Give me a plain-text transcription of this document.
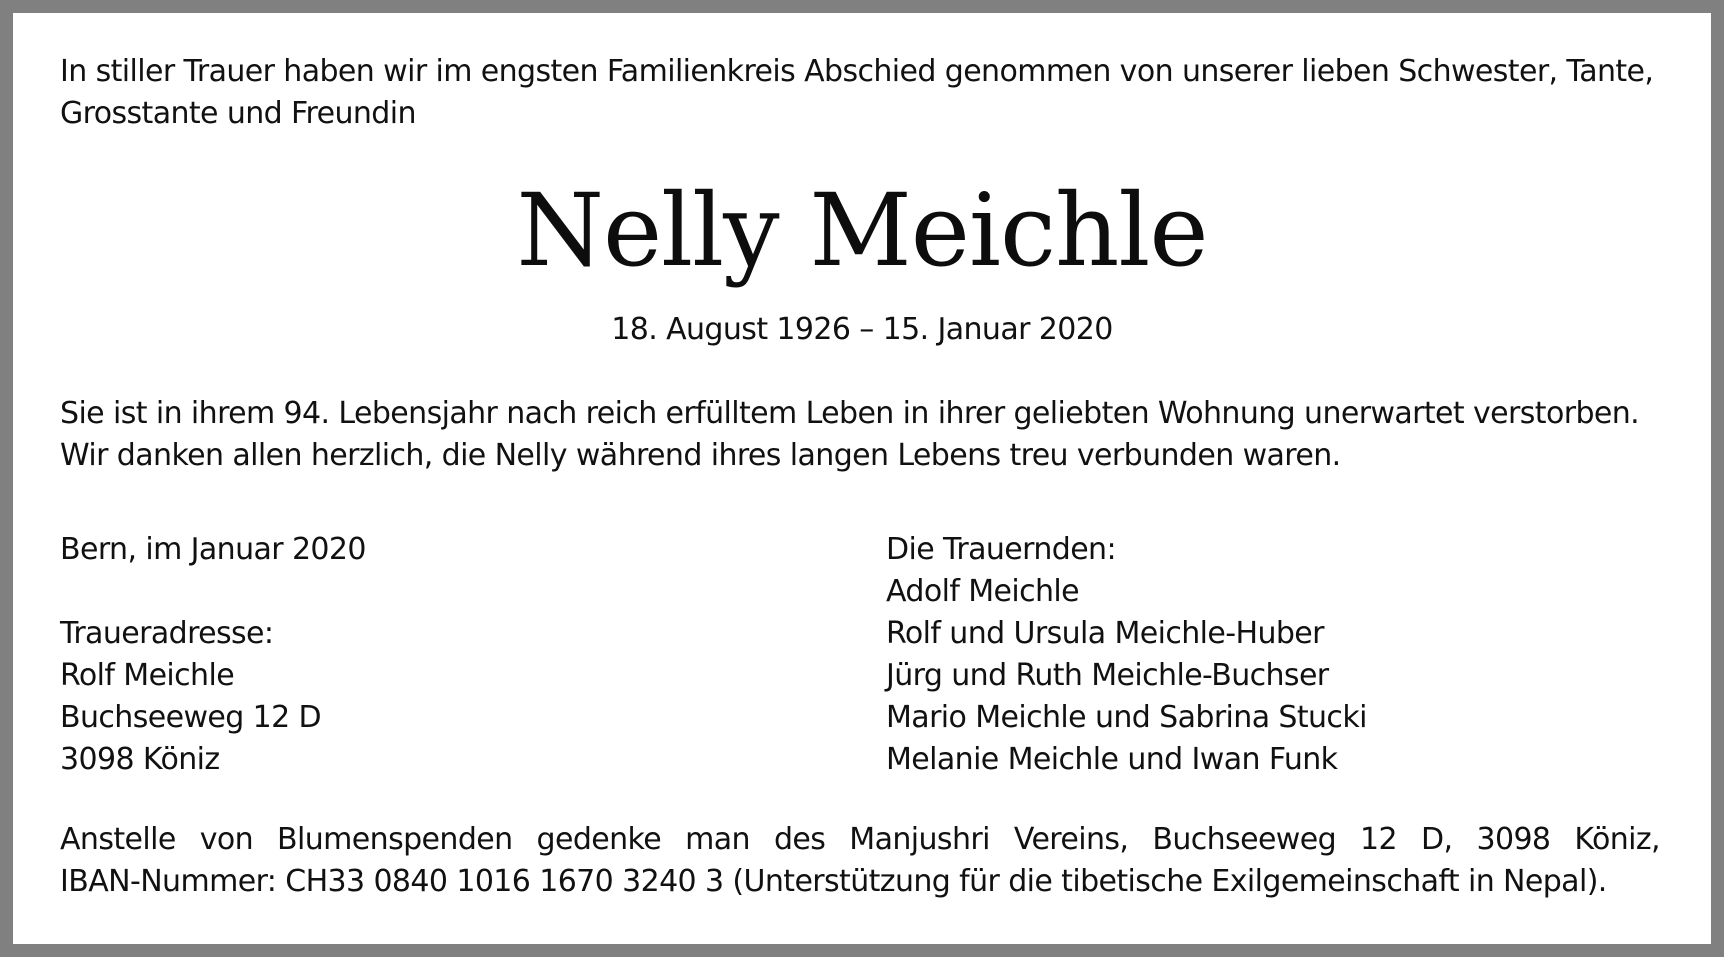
In stiller Trauer haben wir im engsten Familienkreis Abschied genommen von unserer lieben Schwester, Tante,
Grosstante und Freundin
Nelly Meichle
18. August 1926 – 15. Januar 2020
Sie ist in ihrem 94. Lebensjahr nach reich erfülltem Leben in ihrer geliebten Wohnung unerwartet verstorben.
Wir danken allen herzlich, die Nelly während ihres langen Lebens treu verbunden waren.
Bern, im Januar 2020
Traueradresse:
Rolf Meichle
Buchseeweg 12 D
3098 Köniz
Die Trauernden:
Adolf Meichle
Rolf und Ursula Meichle-Huber
Jürg und Ruth Meichle-Buchser
Mario Meichle und Sabrina Stucki
Melanie Meichle und Iwan Funk
Anstelle von Blumenspenden gedenke man des Manjushri Vereins, Buchseeweg 12 D, 3098 Köniz,
IBAN-Nummer: CH33 0840 1016 1670 3240 3 (Unterstützung für die tibetische Exilgemeinschaft in Nepal).
